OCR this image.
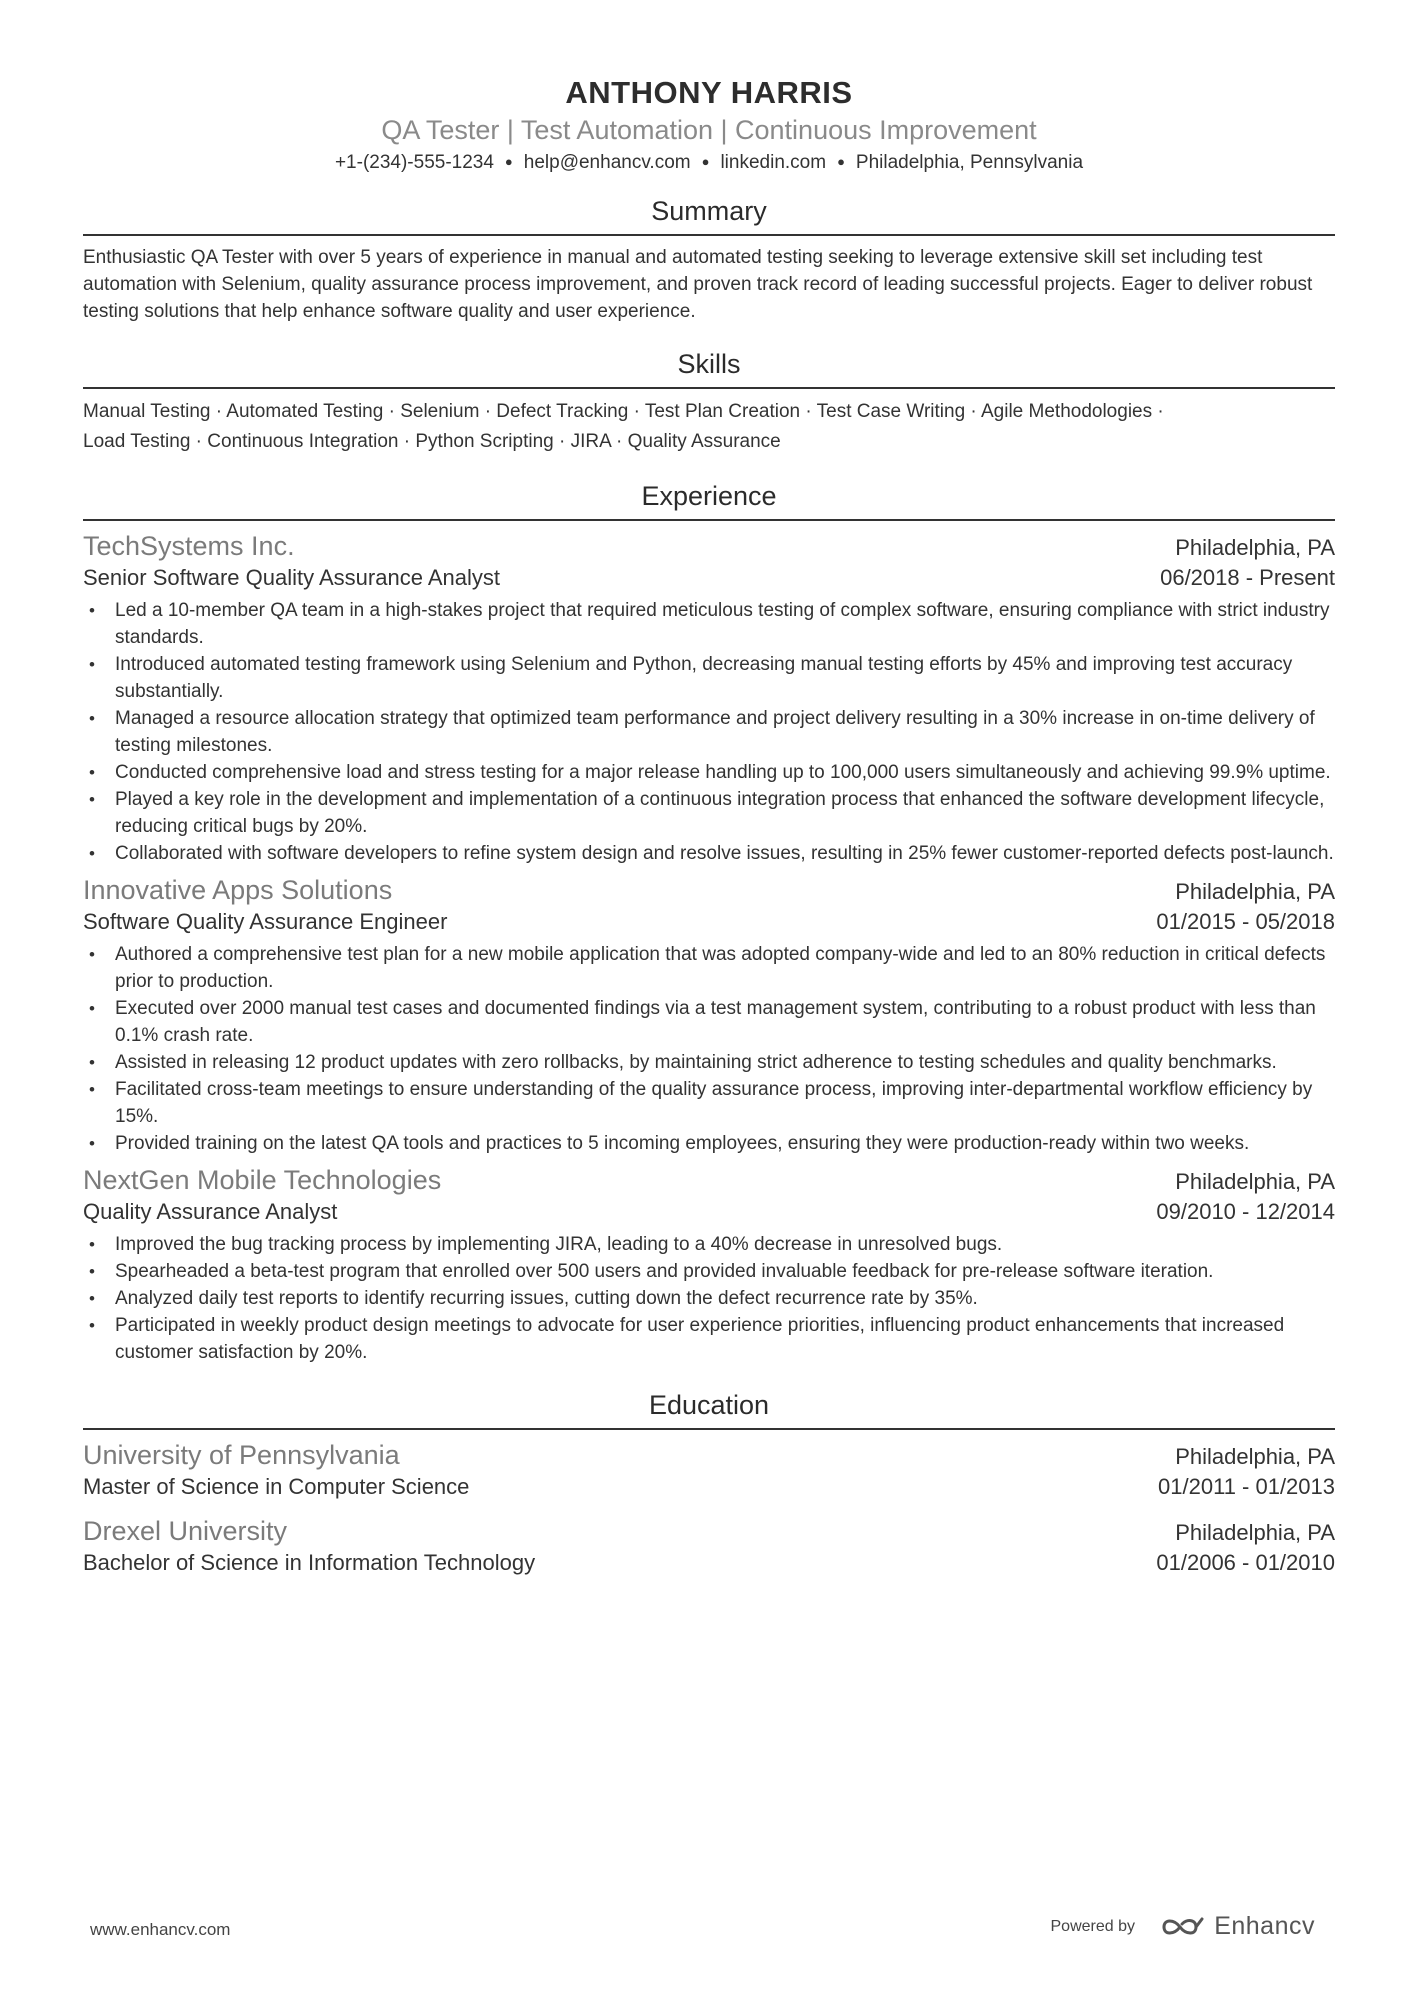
ANTHONY HARRIS
QA Tester | Test Automation | Continuous Improvement
+1-(234)-555-1234 ● help@enhancv.com ● linkedin.com ● Philadelphia, Pennsylvania
Summary
Enthusiastic QA Tester with over 5 years of experience in manual and automated testing seeking to leverage extensive skill set including test automation with Selenium, quality assurance process improvement, and proven track record of leading successful projects. Eager to deliver robust testing solutions that help enhance software quality and user experience.
Skills
Manual Testing · Automated Testing · Selenium · Defect Tracking · Test Plan Creation · Test Case Writing · Agile Methodologies ·
Load Testing · Continuous Integration · Python Scripting · JIRA · Quality Assurance
Experience
TechSystems Inc.	Philadelphia, PA
Senior Software Quality Assurance Analyst	06/2018 - Present
• Led a 10-member QA team in a high-stakes project that required meticulous testing of complex software, ensuring compliance with strict industry standards.
• Introduced automated testing framework using Selenium and Python, decreasing manual testing efforts by 45% and improving test accuracy substantially.
• Managed a resource allocation strategy that optimized team performance and project delivery resulting in a 30% increase in on-time delivery of testing milestones.
• Conducted comprehensive load and stress testing for a major release handling up to 100,000 users simultaneously and achieving 99.9% uptime.
• Played a key role in the development and implementation of a continuous integration process that enhanced the software development lifecycle, reducing critical bugs by 20%.
• Collaborated with software developers to refine system design and resolve issues, resulting in 25% fewer customer-reported defects post-launch.
Innovative Apps Solutions	Philadelphia, PA
Software Quality Assurance Engineer	01/2015 - 05/2018
• Authored a comprehensive test plan for a new mobile application that was adopted company-wide and led to an 80% reduction in critical defects prior to production.
• Executed over 2000 manual test cases and documented findings via a test management system, contributing to a robust product with less than 0.1% crash rate.
• Assisted in releasing 12 product updates with zero rollbacks, by maintaining strict adherence to testing schedules and quality benchmarks.
• Facilitated cross-team meetings to ensure understanding of the quality assurance process, improving inter-departmental workflow efficiency by 15%.
• Provided training on the latest QA tools and practices to 5 incoming employees, ensuring they were production-ready within two weeks.
NextGen Mobile Technologies	Philadelphia, PA
Quality Assurance Analyst	09/2010 - 12/2014
• Improved the bug tracking process by implementing JIRA, leading to a 40% decrease in unresolved bugs.
• Spearheaded a beta-test program that enrolled over 500 users and provided invaluable feedback for pre-release software iteration.
• Analyzed daily test reports to identify recurring issues, cutting down the defect recurrence rate by 35%.
• Participated in weekly product design meetings to advocate for user experience priorities, influencing product enhancements that increased customer satisfaction by 20%.
Education
University of Pennsylvania	Philadelphia, PA
Master of Science in Computer Science	01/2011 - 01/2013
Drexel University	Philadelphia, PA
Bachelor of Science in Information Technology	01/2006 - 01/2010
www.enhancv.com	Powered by	Enhancv
